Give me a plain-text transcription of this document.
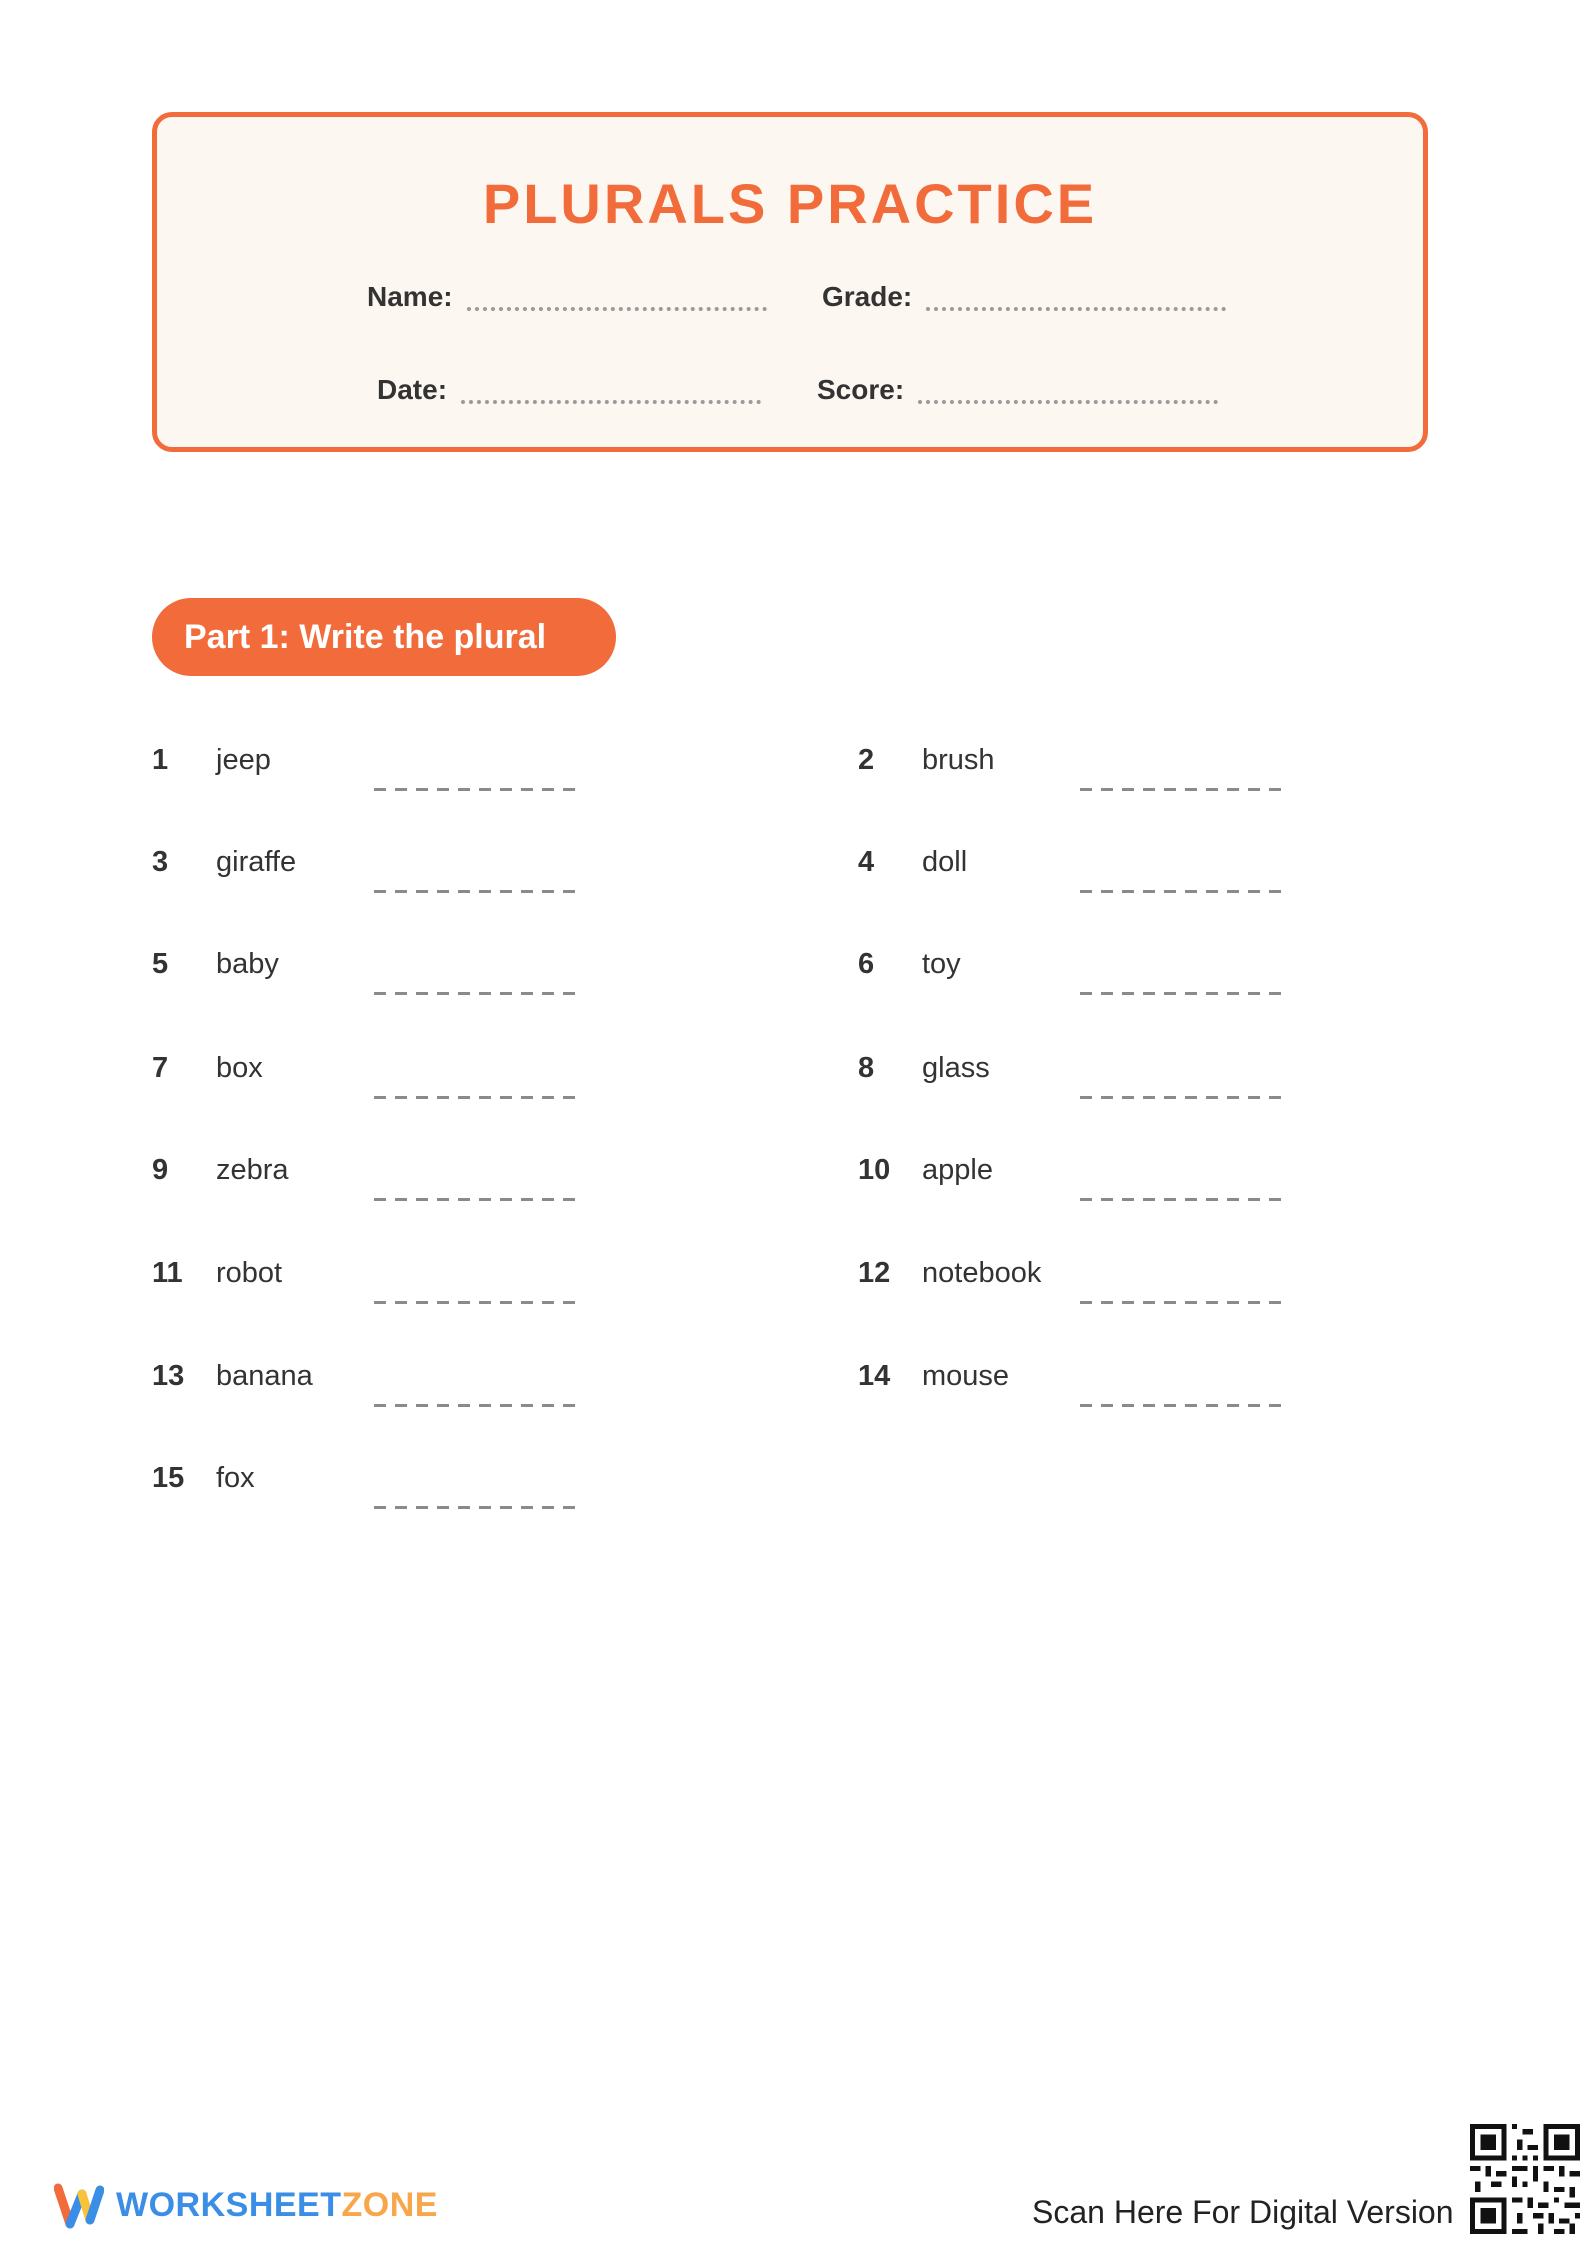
PLURALS PRACTICE
Name:	Grade:
Date:	Score:
Part 1: Write the plural
1 jeep	2 brush
3 giraffe	4 doll
5 baby	6 toy
7 box	8 glass
9 zebra	10 apple
11 robot	12 notebook
13 banana	14 mouse
15 fox
WORKSHEETZONE	Scan Here For Digital Version
